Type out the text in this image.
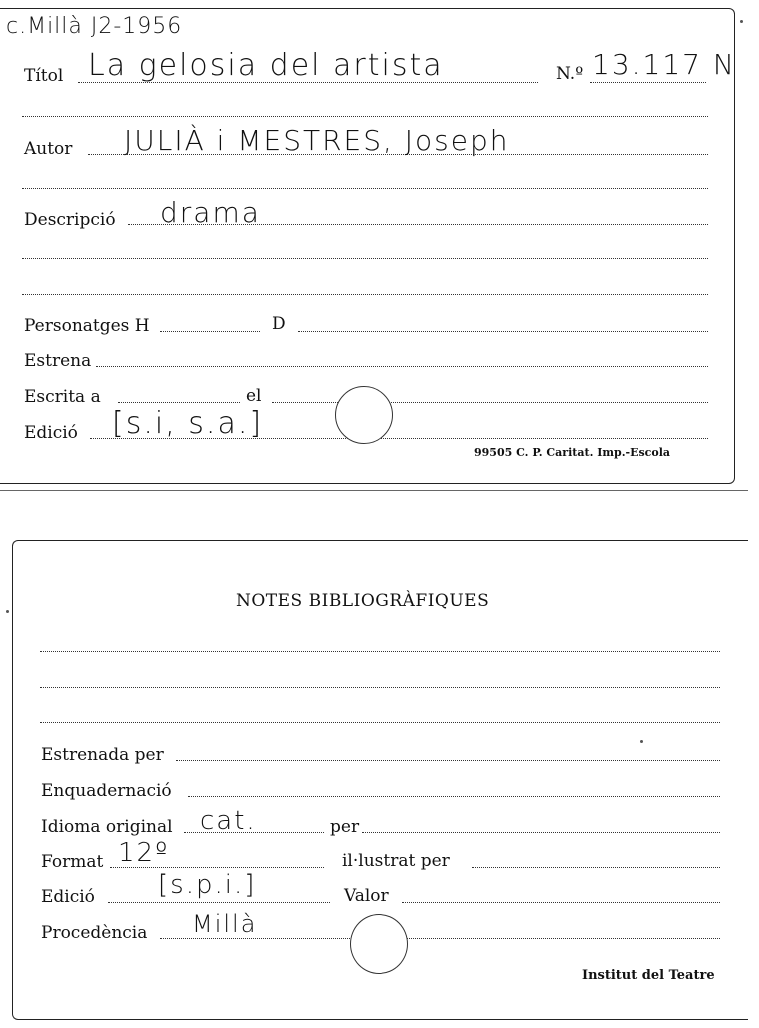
c.Millà J2-1956
Títol La gelosia del artista	N.º 13.117 N
Autor JULIÀ i MESTRES, Joseph
Descripció drama
Personatges H	D
Estrena
Escrita a	el
Edició [s.i, s.a.]
99505 C. P. Caritat. Imp.-Escola
NOTES BIBLIOGRÀFIQUES
Estrenada per
Enquadernació
Idioma original cat.	per
Format 12º	il·lustrat per
Edició [s.p.i.]	Valor
Procedència Millà
Institut del Teatre
